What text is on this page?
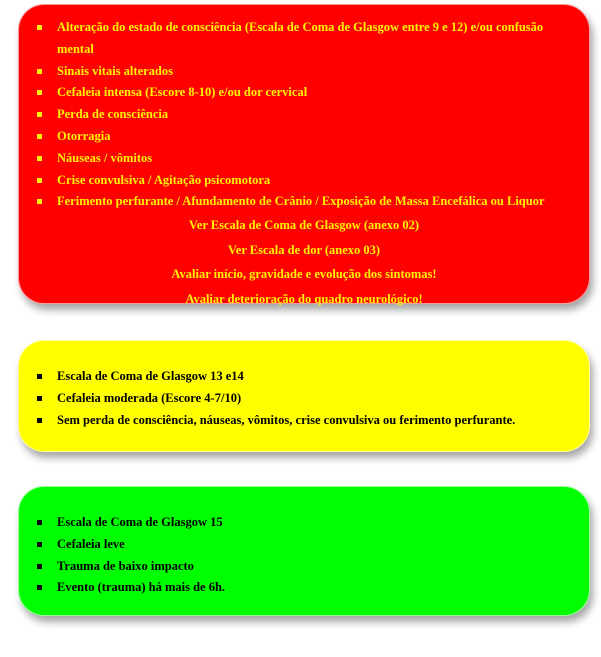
Alteração do estado de consciência (Escala de Coma de Glasgow entre 9 e 12) e/ou confusão mental
Sinais vitais alterados
Cefaleia intensa (Escore 8-10) e/ou dor cervical
Perda de consciência
Otorragia
Náuseas / vômitos
Crise convulsiva / Agitação psicomotora
Ferimento perfurante / Afundamento de Crânio / Exposição de Massa Encefálica ou Liquor
Ver Escala de Coma de Glasgow (anexo 02)
Ver Escala de dor (anexo 03)
Avaliar início, gravidade e evolução dos sintomas!
Avaliar deterioração do quadro neurológico!
Escala de Coma de Glasgow 13 e14
Cefaleia moderada (Escore 4-7/10)
Sem perda de consciência, náuseas, vômitos, crise convulsiva ou ferimento perfurante.
Escala de Coma de Glasgow 15
Cefaleia leve
Trauma de baixo impacto
Evento (trauma) há mais de 6h.
